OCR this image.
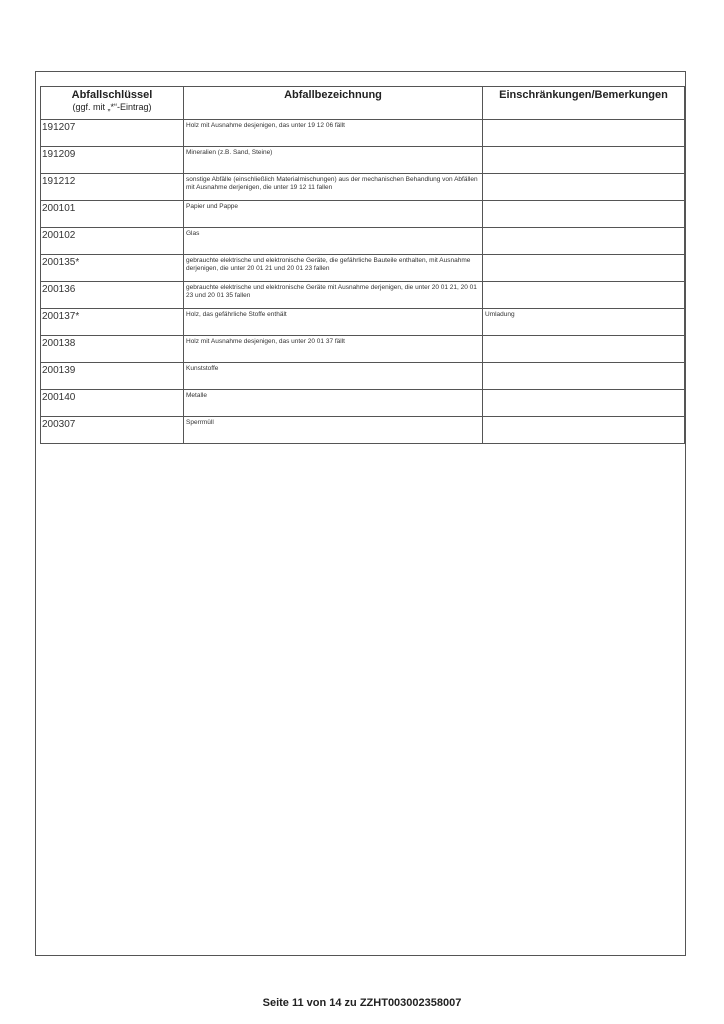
Abfallschlüssel
(ggf. mit „*“-Eintrag)	Abfallbezeichnung	Einschränkungen/Bemerkungen
191207	Holz mit Ausnahme desjenigen, das unter 19 12 06 fällt	
191209	Mineralien (z.B. Sand, Steine)	
191212	sonstige Abfälle (einschließlich Materialmischungen) aus der mechanischen Behandlung von Abfällen mit Ausnahme derjenigen, die unter 19 12 11 fallen	
200101	Papier und Pappe	
200102	Glas	
200135*	gebrauchte elektrische und elektronische Geräte, die gefährliche Bauteile enthalten, mit Ausnahme derjenigen, die unter 20 01 21 und 20 01 23 fallen	
200136	gebrauchte elektrische und elektronische Geräte mit Ausnahme derjenigen, die unter 20 01 21, 20 01 23 und 20 01 35 fallen	
200137*	Holz, das gefährliche Stoffe enthält	Umladung
200138	Holz mit Ausnahme desjenigen, das unter 20 01 37 fällt	
200139	Kunststoffe	
200140	Metalle	
200307	Sperrmüll	
Seite 11 von 14 zu ZZHT003002358007
